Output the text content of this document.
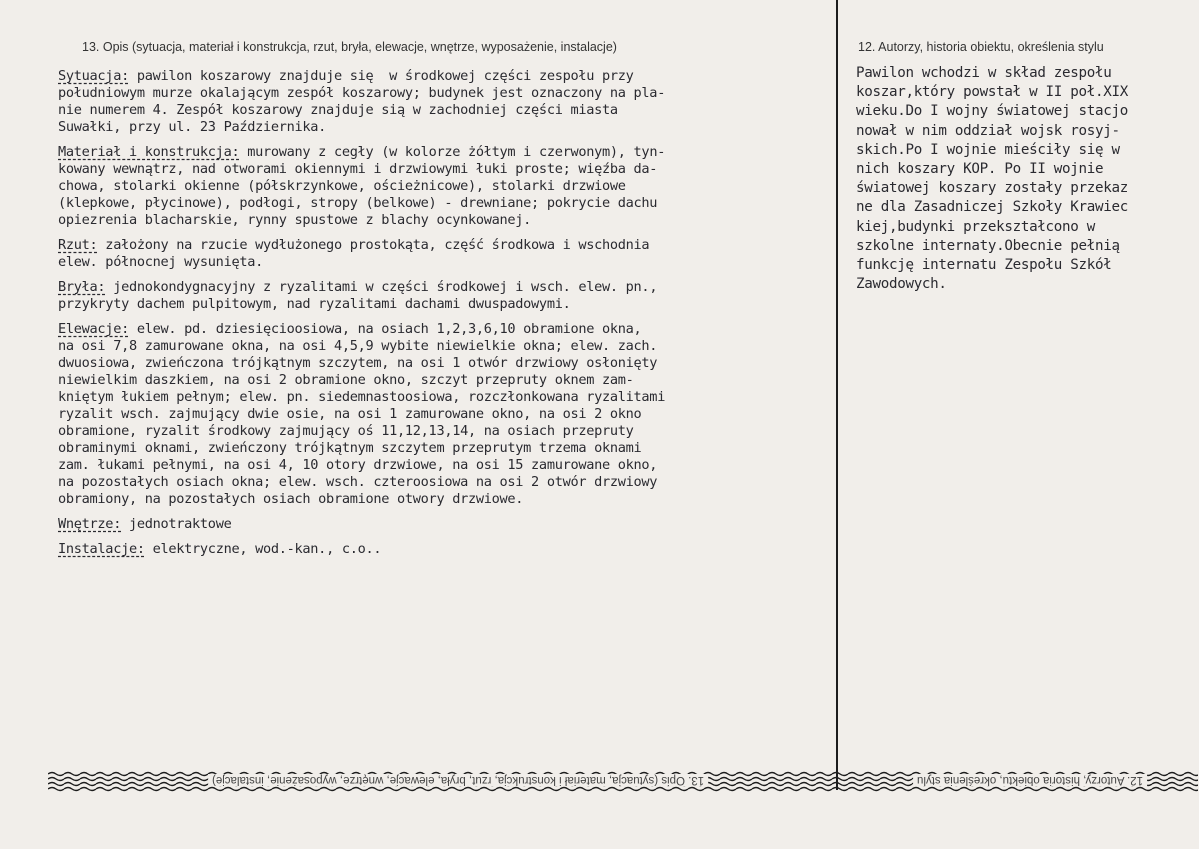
13. Opis (sytuacja, materiał i konstrukcja, rzut, bryła, elewacje, wnętrze, wyposażenie, instalacje)	12. Autorzy, historia obiektu, określenia stylu
Sytuacja: pawilon koszarowy znajduje się  w środkowej części zespołu przy
południowym murze okalającym zespół koszarowy; budynek jest oznaczony na pla-
nie numerem 4. Zespół koszarowy znajduje sią w zachodniej części miasta
Suwałki, przy ul. 23 Października.
Materiał i konstrukcja: murowany z cegły (w kolorze żółtym i czerwonym), tyn-
kowany wewnątrz, nad otworami okiennymi i drzwiowymi łuki proste; więźba da-
chowa, stolarki okienne (półskrzynkowe, ościeżnicowe), stolarki drzwiowe
(klepkowe, płycinowe), podłogi, stropy (belkowe) - drewniane; pokrycie dachu
opiezrenia blacharskie, rynny spustowe z blachy ocynkowanej.
Rzut: założony na rzucie wydłużonego prostokąta, część środkowa i wschodnia
elew. północnej wysunięta.
Bryła: jednokondygnacyjny z ryzalitami w części środkowej i wsch. elew. pn.,
przykryty dachem pulpitowym, nad ryzalitami dachami dwuspadowymi.
Elewacje: elew. pd. dziesięcioosiowa, na osiach 1,2,3,6,10 obramione okna,
na osi 7,8 zamurowane okna, na osi 4,5,9 wybite niewielkie okna; elew. zach.
dwuosiowa, zwieńczona trójkątnym szczytem, na osi 1 otwór drzwiowy osłonięty
niewielkim daszkiem, na osi 2 obramione okno, szczyt przepruty oknem zam-
kniętym łukiem pełnym; elew. pn. siedemnastoosiowa, rozczłonkowana ryzalitami
ryzalit wsch. zajmujący dwie osie, na osi 1 zamurowane okno, na osi 2 okno
obramione, ryzalit środkowy zajmujący oś 11,12,13,14, na osiach przepruty
obraminymi oknami, zwieńczony trójkątnym szczytem przeprutym trzema oknami
zam. łukami pełnymi, na osi 4, 10 otory drzwiowe, na osi 15 zamurowane okno,
na pozostałych osiach okna; elew. wsch. czteroosiowa na osi 2 otwór drzwiowy
obramiony, na pozostałych osiach obramione otwory drzwiowe.
Wnętrze: jednotraktowe
Instalacje: elektryczne, wod.-kan., c.o..
Pawilon wchodzi w skład zespołu
koszar,który powstał w II poł.XIX
wieku.Do I wojny światowej stacjo
nował w nim oddział wojsk rosyj-
skich.Po I wojnie mieściły się w
nich koszary KOP. Po II wojnie
światowej koszary zostały przekaz
ne dla Zasadniczej Szkoły Krawiec
kiej,budynki przekształcono w
szkolne internaty.Obecnie pełnią
funkcję internatu Zespołu Szkół
Zawodowych.
13. Opis (sytuacja, materiał i konstrukcja, rzut, bryła, elewacje, wnętrze, wyposażenie, instalacje)	12. Autorzy, historia obiektu, określenia stylu
